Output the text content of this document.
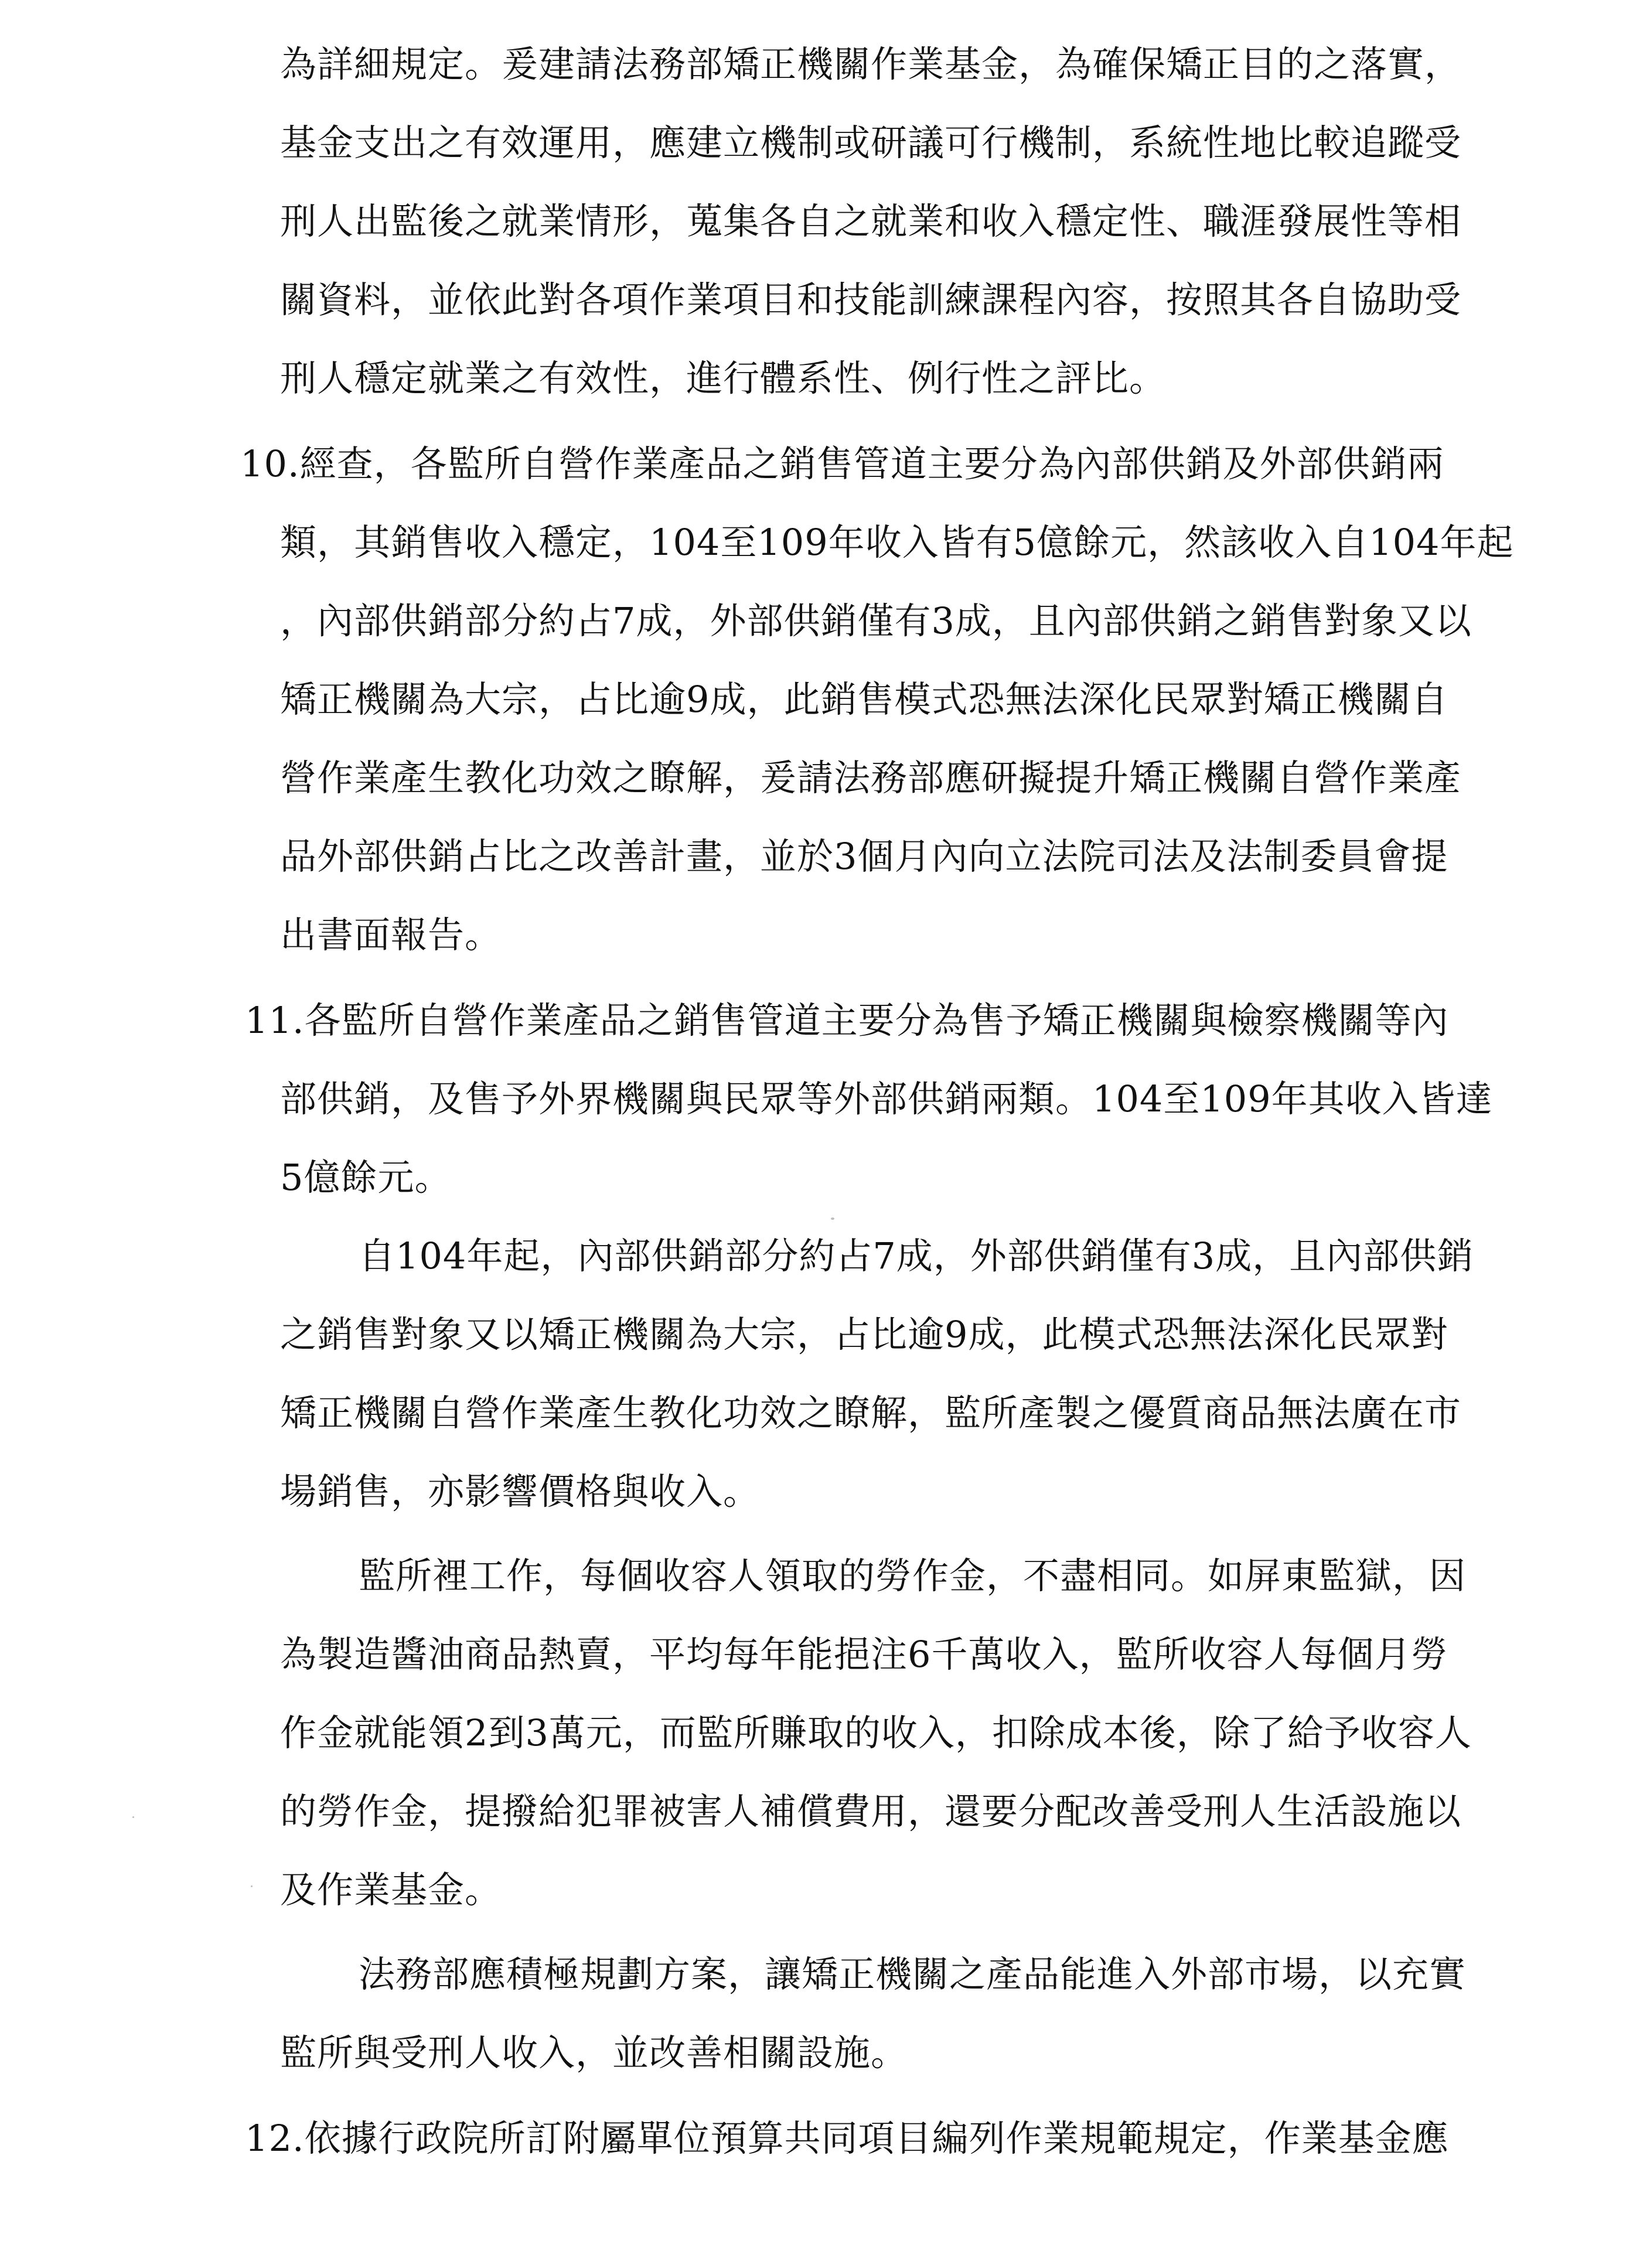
為詳細規定。爰建請法務部矯正機關作業基金，為確保矯正目的之落實，
基金支出之有效運用，應建立機制或研議可行機制，系統性地比較追蹤受
刑人出監後之就業情形，蒐集各自之就業和收入穩定性、職涯發展性等相
關資料，並依此對各項作業項目和技能訓練課程內容，按照其各自協助受
刑人穩定就業之有效性，進行體系性、例行性之評比。
10.經查，各監所自營作業產品之銷售管道主要分為內部供銷及外部供銷兩
類，其銷售收入穩定，104至109年收入皆有5億餘元，然該收入自104年起
，內部供銷部分約占7成，外部供銷僅有3成，且內部供銷之銷售對象又以
矯正機關為大宗，占比逾9成，此銷售模式恐無法深化民眾對矯正機關自
營作業產生教化功效之瞭解，爰請法務部應研擬提升矯正機關自營作業產
品外部供銷占比之改善計畫，並於3個月內向立法院司法及法制委員會提
出書面報告。
11.各監所自營作業產品之銷售管道主要分為售予矯正機關與檢察機關等內
部供銷，及售予外界機關與民眾等外部供銷兩類。104至109年其收入皆達
5億餘元。
自104年起，內部供銷部分約占7成，外部供銷僅有3成，且內部供銷
之銷售對象又以矯正機關為大宗，占比逾9成，此模式恐無法深化民眾對
矯正機關自營作業產生教化功效之瞭解，監所產製之優質商品無法廣在市
場銷售，亦影響價格與收入。
監所裡工作，每個收容人領取的勞作金，不盡相同。如屏東監獄，因
為製造醬油商品熱賣，平均每年能挹注6千萬收入，監所收容人每個月勞
作金就能領2到3萬元，而監所賺取的收入，扣除成本後，除了給予收容人
的勞作金，提撥給犯罪被害人補償費用，還要分配改善受刑人生活設施以
及作業基金。
法務部應積極規劃方案，讓矯正機關之產品能進入外部市場，以充實
監所與受刑人收入，並改善相關設施。
12.依據行政院所訂附屬單位預算共同項目編列作業規範規定，作業基金應
